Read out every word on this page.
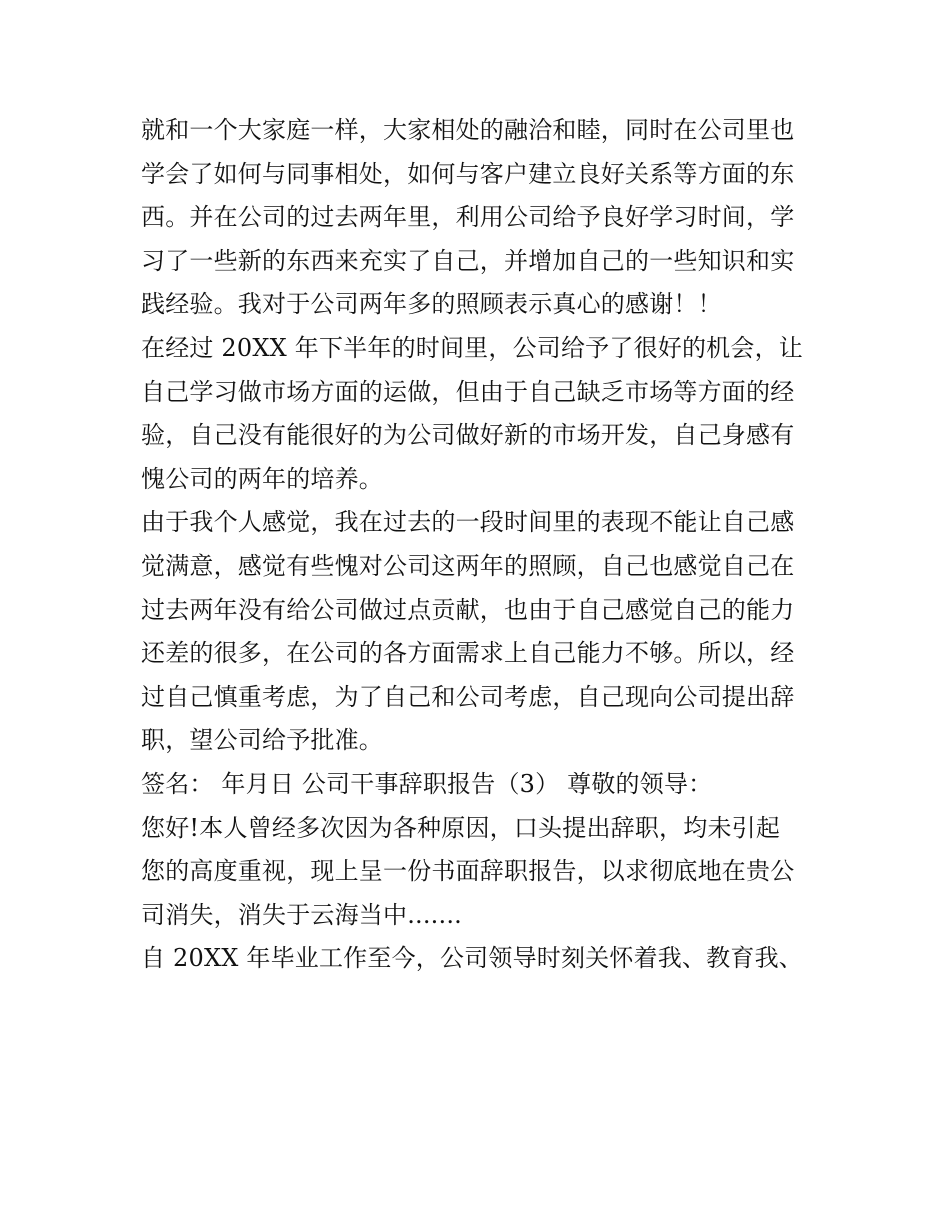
就和一个大家庭一样，大家相处的融洽和睦，同时在公司里也
学会了如何与同事相处，如何与客户建立良好关系等方面的东
西。并在公司的过去两年里，利用公司给予良好学习时间，学
习了一些新的东西来充实了自己，并增加自己的一些知识和实
践经验。我对于公司两年多的照顾表示真心的感谢！！
在经过 20XX 年下半年的时间里，公司给予了很好的机会，让
自己学习做市场方面的运做，但由于自己缺乏市场等方面的经
验，自己没有能很好的为公司做好新的市场开发，自己身感有
愧公司的两年的培养。
由于我个人感觉，我在过去的一段时间里的表现不能让自己感
觉满意，感觉有些愧对公司这两年的照顾，自己也感觉自己在
过去两年没有给公司做过点贡献，也由于自己感觉自己的能力
还差的很多，在公司的各方面需求上自己能力不够。所以，经
过自己慎重考虑，为了自己和公司考虑，自己现向公司提出辞
职，望公司给予批准。
签名： 年月日 公司干事辞职报告（3） 尊敬的领导：
您好!本人曾经多次因为各种原因，口头提出辞职，均未引起
您的高度重视，现上呈一份书面辞职报告，以求彻底地在贵公
司消失，消失于云海当中.......
自 20XX 年毕业工作至今，公司领导时刻关怀着我、教育我、
